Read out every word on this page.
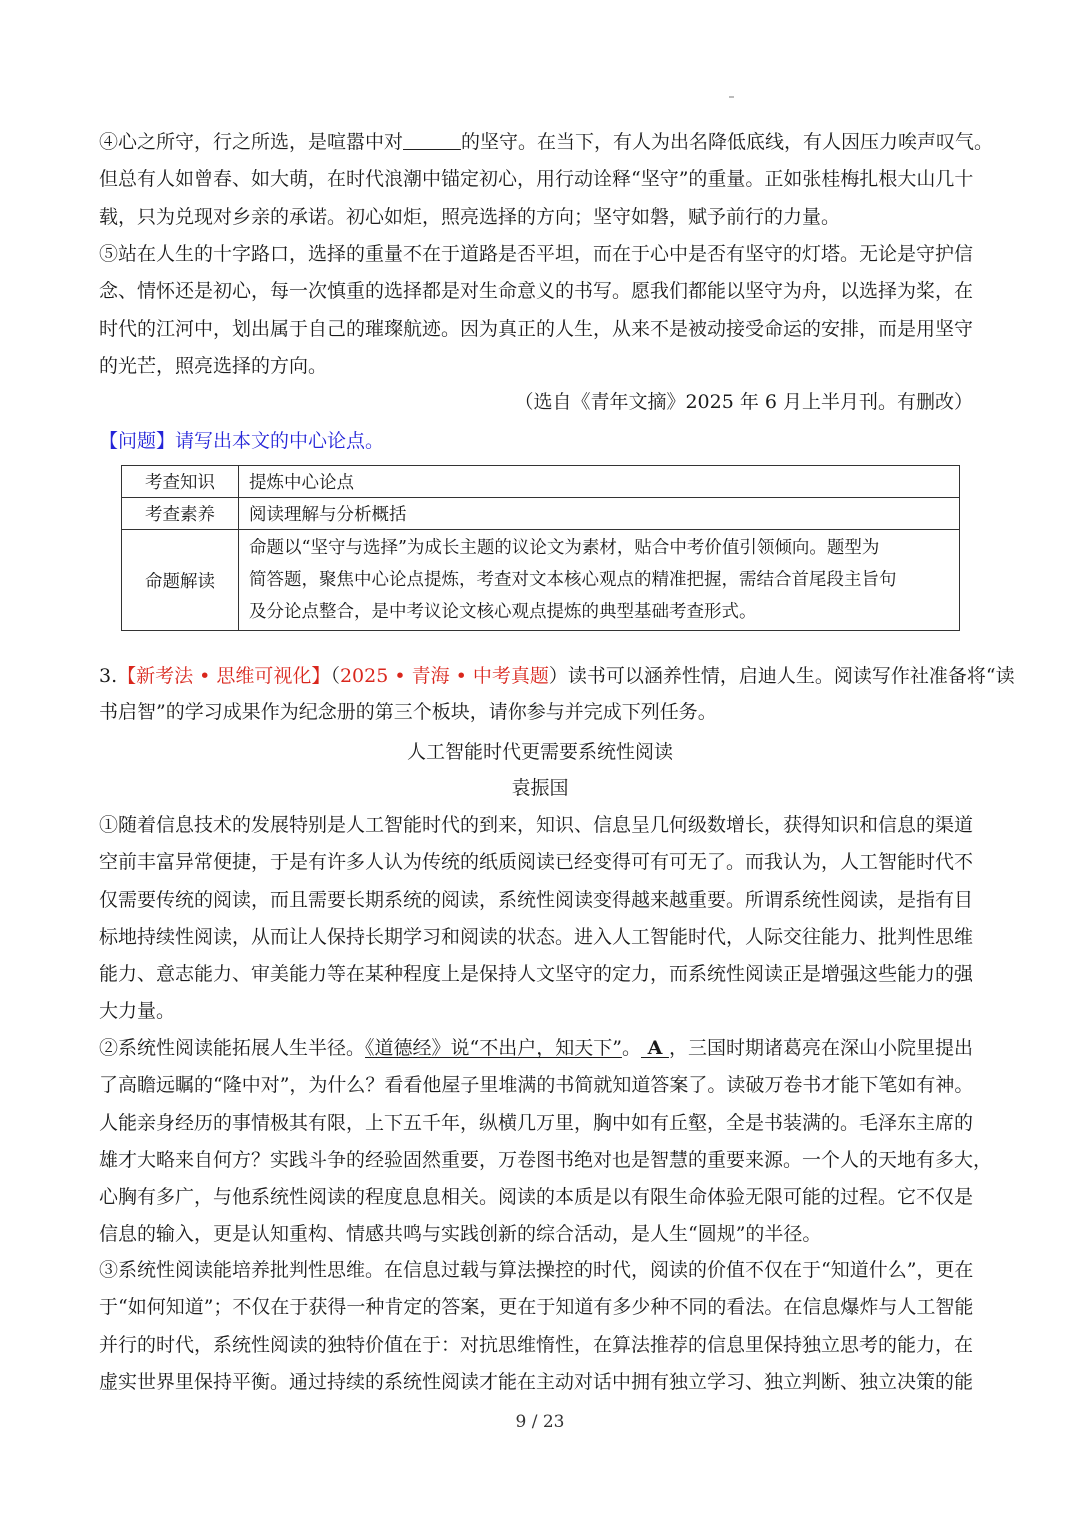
④心之所守，行之所选，是喧嚣中对	的坚守。在当下，有人为出名降低底线，有人因压力唉声叹气。
但总有人如曾春、如大萌，在时代浪潮中锚定初心，用行动诠释“坚守”的重量。正如张桂梅扎根大山几十
载，只为兑现对乡亲的承诺。初心如炬，照亮选择的方向；坚守如磐，赋予前行的力量。
⑤站在人生的十字路口，选择的重量不在于道路是否平坦，而在于心中是否有坚守的灯塔。无论是守护信
念、情怀还是初心，每一次慎重的选择都是对生命意义的书写。愿我们都能以坚守为舟，以选择为桨，在
时代的江河中，划出属于自己的璀璨航迹。因为真正的人生，从来不是被动接受命运的安排，而是用坚守
的光芒，照亮选择的方向。
（选自《青年文摘》2025 年 6 月上半月刊。有删改）
【问题】请写出本文的中心论点。
考查知识	提炼中心论点
考查素养	阅读理解与分析概括
命题解读	命题以“坚守与选择”为成长主题的议论文为素材，贴合中考价值引领倾向。题型为
简答题，聚焦中心论点提炼，考查对文本核心观点的精准把握，需结合首尾段主旨句
及分论点整合，是中考议论文核心观点提炼的典型基础考查形式。
3.【新考法 • 思维可视化】（2025 • 青海 • 中考真题）读书可以涵养性情，启迪人生。阅读写作社准备将“读
书启智”的学习成果作为纪念册的第三个板块，请你参与并完成下列任务。
人工智能时代更需要系统性阅读
袁振国
①随着信息技术的发展特别是人工智能时代的到来，知识、信息呈几何级数增长，获得知识和信息的渠道
空前丰富异常便捷，于是有许多人认为传统的纸质阅读已经变得可有可无了。而我认为，人工智能时代不
仅需要传统的阅读，而且需要长期系统的阅读，系统性阅读变得越来越重要。所谓系统性阅读，是指有目
标地持续性阅读，从而让人保持长期学习和阅读的状态。进入人工智能时代，人际交往能力、批判性思维
能力、意志能力、审美能力等在某种程度上是保持人文坚守的定力，而系统性阅读正是增强这些能力的强
大力量。
②系统性阅读能拓展人生半径。《道德经》说“不出户，知天下”。 A ，三国时期诸葛亮在深山小院里提出
了高瞻远瞩的“隆中对”，为什么？看看他屋子里堆满的书简就知道答案了。读破万卷书才能下笔如有神。
人能亲身经历的事情极其有限，上下五千年，纵横几万里，胸中如有丘壑，全是书装满的。毛泽东主席的
雄才大略来自何方？实践斗争的经验固然重要，万卷图书绝对也是智慧的重要来源。一个人的天地有多大，
心胸有多广，与他系统性阅读的程度息息相关。阅读的本质是以有限生命体验无限可能的过程。它不仅是
信息的输入，更是认知重构、情感共鸣与实践创新的综合活动，是人生“圆规”的半径。
③系统性阅读能培养批判性思维。在信息过载与算法操控的时代，阅读的价值不仅在于“知道什么”，更在
于“如何知道”；不仅在于获得一种肯定的答案，更在于知道有多少种不同的看法。在信息爆炸与人工智能
并行的时代，系统性阅读的独特价值在于：对抗思维惰性，在算法推荐的信息里保持独立思考的能力，在
虚实世界里保持平衡。通过持续的系统性阅读才能在主动对话中拥有独立学习、独立判断、独立决策的能
9 / 23
